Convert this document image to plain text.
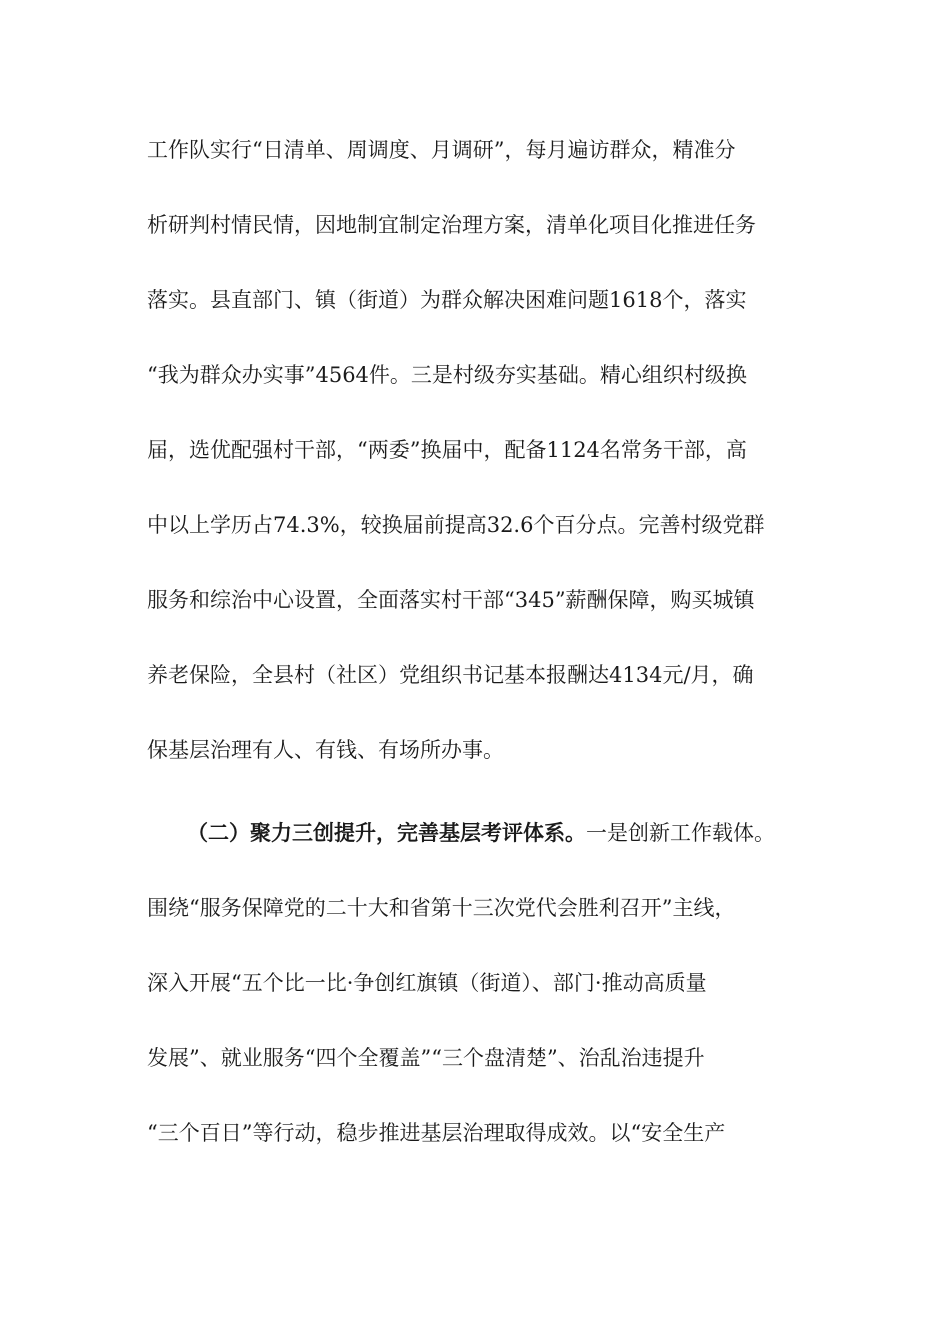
工作队实行“日清单、周调度、月调研”，每月遍访群众，精准分
析研判村情民情，因地制宜制定治理方案，清单化项目化推进任务
落实。县直部门、镇（街道）为群众解决困难问题1618个，落实
“我为群众办实事”4564件。三是村级夯实基础。精心组织村级换
届，选优配强村干部，“两委”换届中，配备1124名常务干部，高
中以上学历占74.3%，较换届前提高32.6个百分点。完善村级党群
服务和综治中心设置，全面落实村干部“345”薪酬保障，购买城镇
养老保险，全县村（社区）党组织书记基本报酬达4134元/月，确
保基层治理有人、有钱、有场所办事。
（二）聚力三创提升，完善基层考评体系。一是创新工作载体。
围绕“服务保障党的二十大和省第十三次党代会胜利召开”主线，
深入开展“五个比一比·争创红旗镇（街道）、部门·推动高质量
发展”、就业服务“四个全覆盖”“三个盘清楚”、治乱治违提升
“三个百日”等行动，稳步推进基层治理取得成效。以“安全生产
